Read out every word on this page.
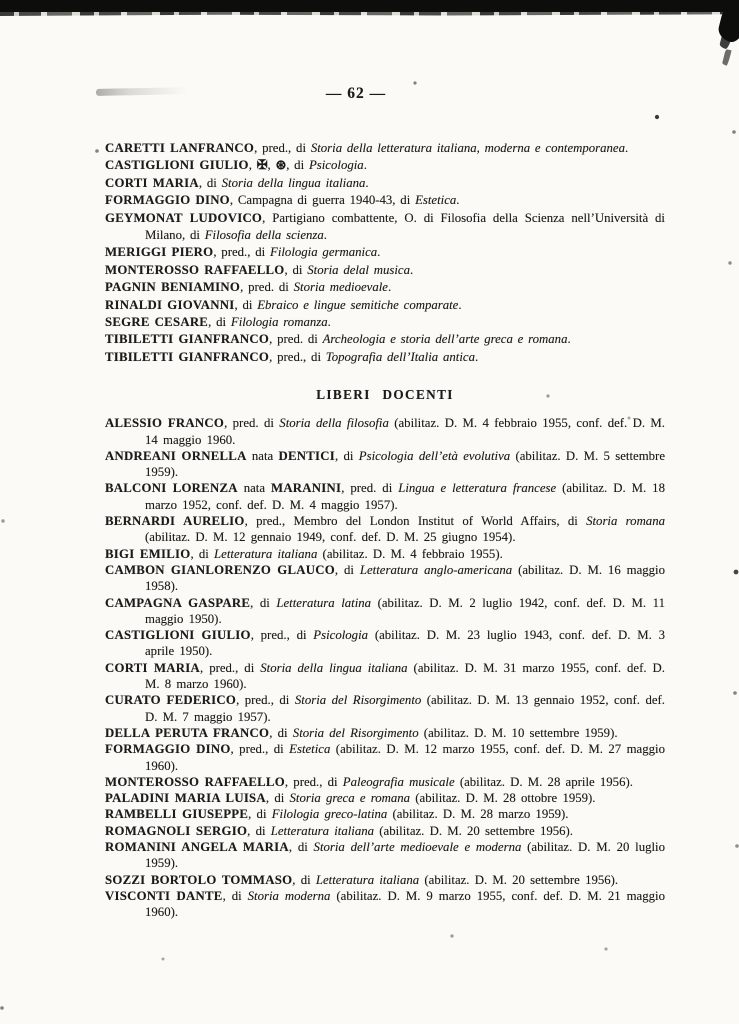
— 62 —

CARETTI LANFRANCO, pred., di Storia della letteratura italiana, moderna e contemporanea.

CASTIGLIONI GIULIO, ✠, ⊛, di Psicologia.

CORTI MARIA, di Storia della lingua italiana.

FORMAGGIO DINO, Campagna di guerra 1940-43, di Estetica.

GEYMONAT LUDOVICO, Partigiano combattente, O. di Filosofia della Scienza nell’Università di Milano, di Filosofia della scienza.

MERIGGI PIERO, pred., di Filologia germanica.

MONTEROSSO RAFFAELLO, di Storia delal musica.

PAGNIN BENIAMINO, pred. di Storia medioevale.

RINALDI GIOVANNI, di Ebraico e lingue semitiche comparate.

SEGRE CESARE, di Filologia romanza.

TIBILETTI GIANFRANCO, pred. di Archeologia e storia dell’arte greca e romana.

TIBILETTI GIANFRANCO, pred., di Topografia dell’Italia antica.

LIBERI DOCENTI

ALESSIO FRANCO, pred. di Storia della filosofia (abilitaz. D. M. 4 febbraio 1955, conf. def. D. M. 14 maggio 1960.

ANDREANI ORNELLA nata DENTICI, di Psicologia dell’età evolutiva (abilitaz. D. M. 5 settembre 1959).

BALCONI LORENZA nata MARANINI, pred. di Lingua e letteratura francese (abilitaz. D. M. 18 marzo 1952, conf. def. D. M. 4 maggio 1957).

BERNARDI AURELIO, pred., Membro del London Institut of World Affairs, di Storia romana (abilitaz. D. M. 12 gennaio 1949, conf. def. D. M. 25 giugno 1954).

BIGI EMILIO, di Letteratura italiana (abilitaz. D. M. 4 febbraio 1955).

CAMBON GIANLORENZO GLAUCO, di Letteratura anglo-americana (abilitaz. D. M. 16 maggio 1958).

CAMPAGNA GASPARE, di Letteratura latina (abilitaz. D. M. 2 luglio 1942, conf. def. D. M. 11 maggio 1950).

CASTIGLIONI GIULIO, pred., di Psicologia (abilitaz. D. M. 23 luglio 1943, conf. def. D. M. 3 aprile 1950).

CORTI MARIA, pred., di Storia della lingua italiana (abilitaz. D. M. 31 marzo 1955, conf. def. D. M. 8 marzo 1960).

CURATO FEDERICO, pred., di Storia del Risorgimento (abilitaz. D. M. 13 gennaio 1952, conf. def. D. M. 7 maggio 1957).

DELLA PERUTA FRANCO, di Storia del Risorgimento (abilitaz. D. M. 10 settembre 1959).

FORMAGGIO DINO, pred., di Estetica (abilitaz. D. M. 12 marzo 1955, conf. def. D. M. 27 maggio 1960).

MONTEROSSO RAFFAELLO, pred., di Paleografia musicale (abilitaz. D. M. 28 aprile 1956).

PALADINI MARIA LUISA, di Storia greca e romana (abilitaz. D. M. 28 ottobre 1959).

RAMBELLI GIUSEPPE, di Filologia greco-latina (abilitaz. D. M. 28 marzo 1959).

ROMAGNOLI SERGIO, di Letteratura italiana (abilitaz. D. M. 20 settembre 1956).

ROMANINI ANGELA MARIA, di Storia dell’arte medioevale e moderna (abilitaz. D. M. 20 luglio 1959).

SOZZI BORTOLO TOMMASO, di Letteratura italiana (abilitaz. D. M. 20 settembre 1956).

VISCONTI DANTE, di Storia moderna (abilitaz. D. M. 9 marzo 1955, conf. def. D. M. 21 maggio 1960).
